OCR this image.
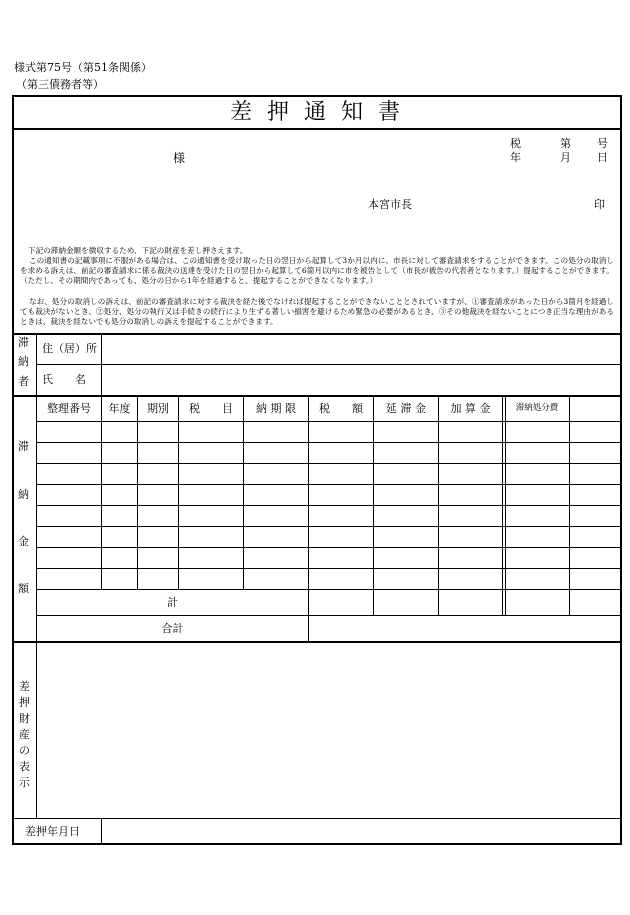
様式第75号（第51条関係）
（第三債務者等）
差 押 通 知 書
様
税	第 号
年	月 日
本宮市長	印
下記の滞納金額を徴収するため、下記の財産を差し押さえます。
この通知書の記載事項に不服がある場合は、この通知書を受け取った日の翌日から起算して3か月以内に、市長に対して審査請求をすることができます。この処分の取消しを求める訴えは、前記の審査請求に係る裁決の送達を受けた日の翌日から起算して6箇月以内に市を被告として（市長が被告の代表者となります。）提起することができます。（ただし、その期間内であっても、処分の日から1年を経過すると、提起することができなくなります。）
なお、処分の取消しの訴えは、前記の審査請求に対する裁決を経た後でなければ提起することができないこととされていますが、①審査請求があった日から3箇月を経過しても裁決がないとき、②処分、処分の執行又は手続きの続行により生ずる著しい損害を避けるため緊急の必要があるとき、③その他裁決を経ないことにつき正当な理由があるときは、裁決を経ないでも処分の取消しの訴えを提起することができます。
滞
納
者
住（居）所
氏　　名
滞
納
金
額
整理番号	年度	期別	税　　目	納 期 限	税　　額	延 滞 金	加 算 金	滞納処分費
計
合計
差
押
財
産
の
表
示
差押年月日
